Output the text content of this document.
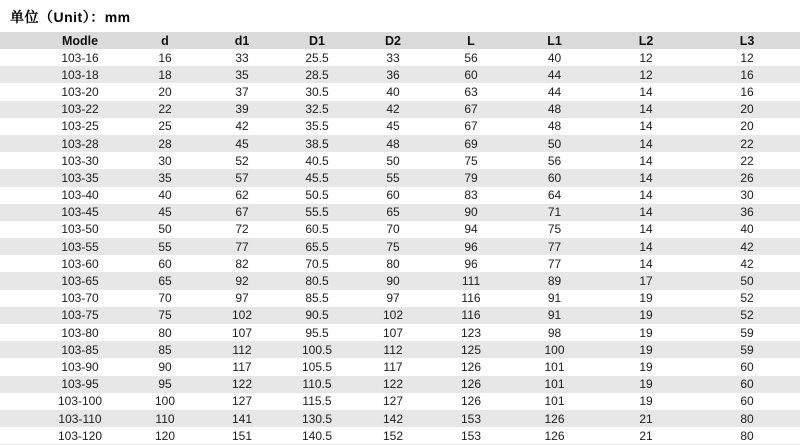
单位（Unit）：mm
Modle	d	d1	D1	D2	L	L1	L2	L3
103-16	16	33	25.5	33	56	40	12	12
103-18	18	35	28.5	36	60	44	12	16
103-20	20	37	30.5	40	63	44	14	16
103-22	22	39	32.5	42	67	48	14	20
103-25	25	42	35.5	45	67	48	14	20
103-28	28	45	38.5	48	69	50	14	22
103-30	30	52	40.5	50	75	56	14	22
103-35	35	57	45.5	55	79	60	14	26
103-40	40	62	50.5	60	83	64	14	30
103-45	45	67	55.5	65	90	71	14	36
103-50	50	72	60.5	70	94	75	14	40
103-55	55	77	65.5	75	96	77	14	42
103-60	60	82	70.5	80	96	77	14	42
103-65	65	92	80.5	90	111	89	17	50
103-70	70	97	85.5	97	116	91	19	52
103-75	75	102	90.5	102	116	91	19	52
103-80	80	107	95.5	107	123	98	19	59
103-85	85	112	100.5	112	125	100	19	59
103-90	90	117	105.5	117	126	101	19	60
103-95	95	122	110.5	122	126	101	19	60
103-100	100	127	115.5	127	126	101	19	60
103-110	110	141	130.5	142	153	126	21	80
103-120	120	151	140.5	152	153	126	21	80
